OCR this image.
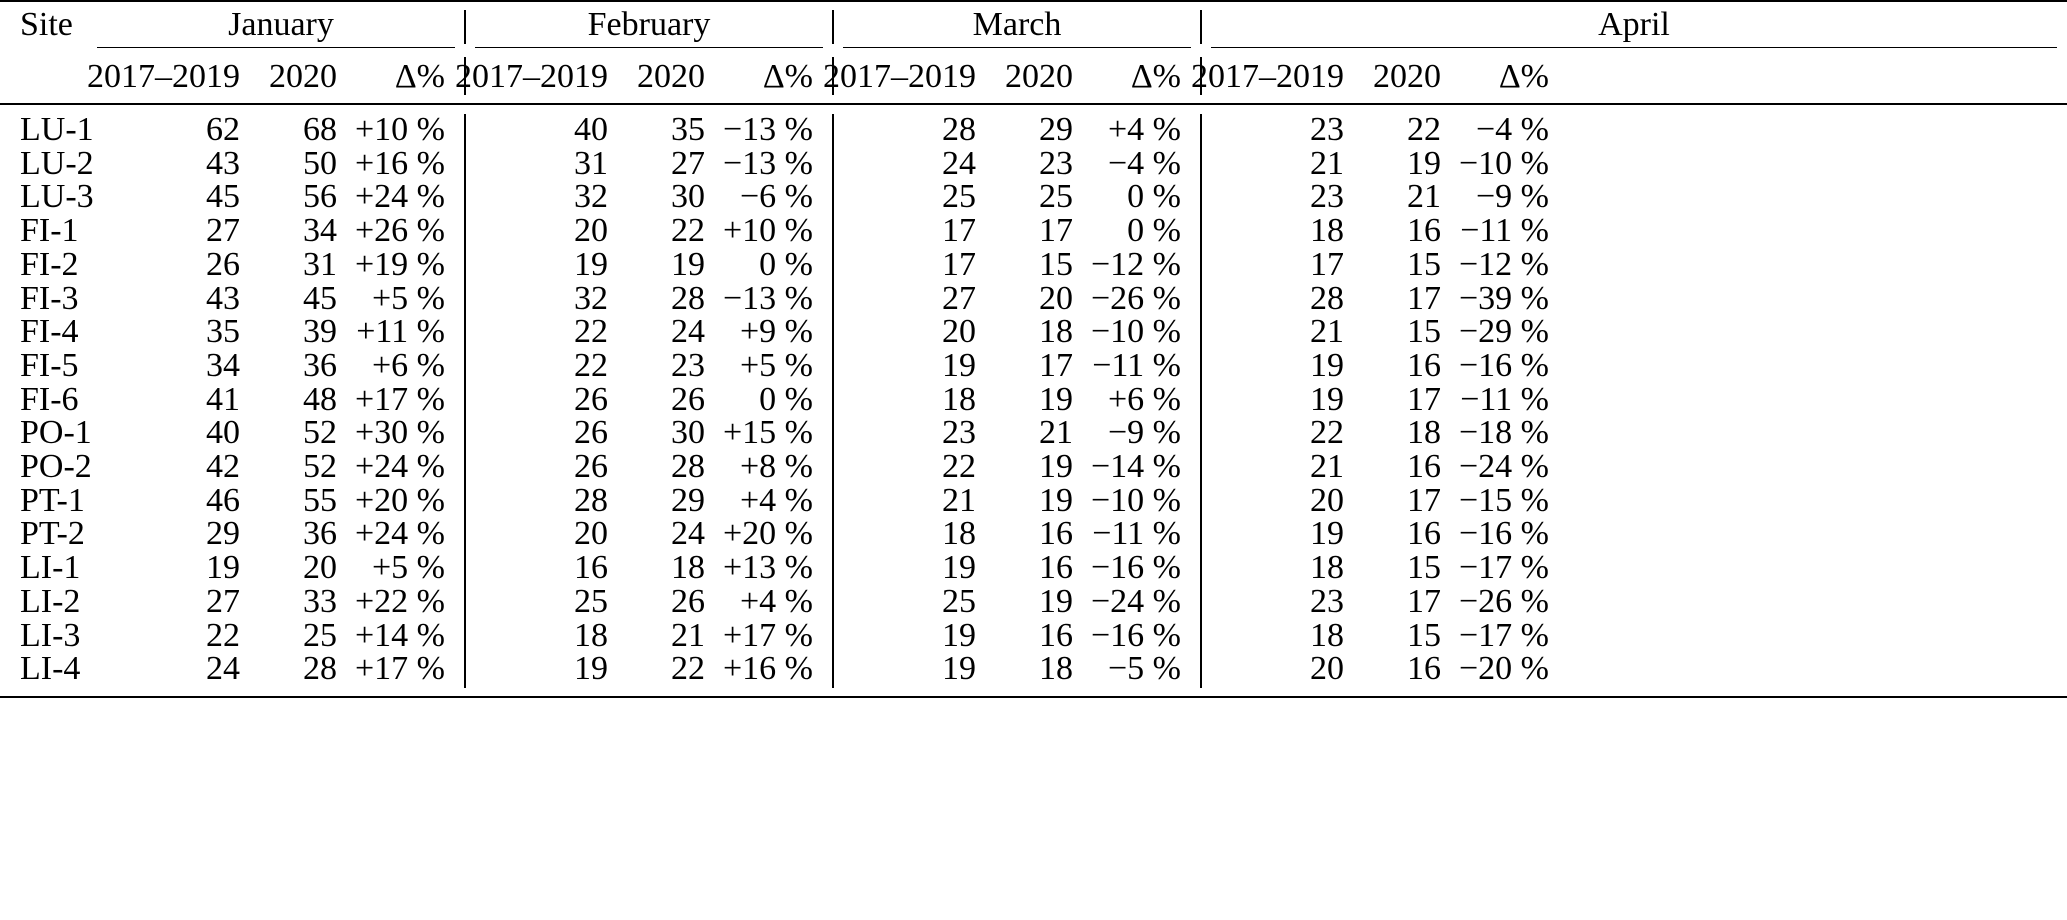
Site	January
2017–2019 2020	Δ%
February
2017–2019 2020	Δ%
March
2017–2019 2020	Δ%
April
2017–2019 2020	Δ%
LU-1	62	68 +10 %	40	35 −13 %	28	29	+4 %	23	22	−4 %
LU-2	43	50 +16 %	31	27 −13 %	24	23	−4 %	21	19 −10 %
LU-3	45	56 +24 %	32	30	−6 %	25	25	0 %	23	21	−9 %
FI-1	27	34 +26 %	20	22 +10 %	17	17	0 %	18	16 −11 %
FI-2	26	31 +19 %	19	19	0 %	17	15 −12 %	17	15 −12 %
FI-3	43	45	+5 %	32	28 −13 %	27	20 −26 %	28	17 −39 %
FI-4	35	39 +11 %	22	24	+9 %	20	18 −10 %	21	15 −29 %
FI-5	34	36	+6 %	22	23	+5 %	19	17 −11 %	19	16 −16 %
FI-6	41	48 +17 %	26	26	0 %	18	19	+6 %	19	17 −11 %
PO-1	40	52 +30 %	26	30 +15 %	23	21	−9 %	22	18 −18 %
PO-2	42	52 +24 %	26	28	+8 %	22	19 −14 %	21	16 −24 %
PT-1	46	55 +20 %	28	29	+4 %	21	19 −10 %	20	17 −15 %
PT-2	29	36 +24 %	20	24 +20 %	18	16 −11 %	19	16 −16 %
LI-1	19	20	+5 %	16	18 +13 %	19	16 −16 %	18	15 −17 %
LI-2	27	33 +22 %	25	26	+4 %	25	19 −24 %	23	17 −26 %
LI-3	22	25 +14 %	18	21 +17 %	19	16 −16 %	18	15 −17 %
LI-4	24	28 +17 %	19	22 +16 %	19	18	−5 %	20	16 −20 %
